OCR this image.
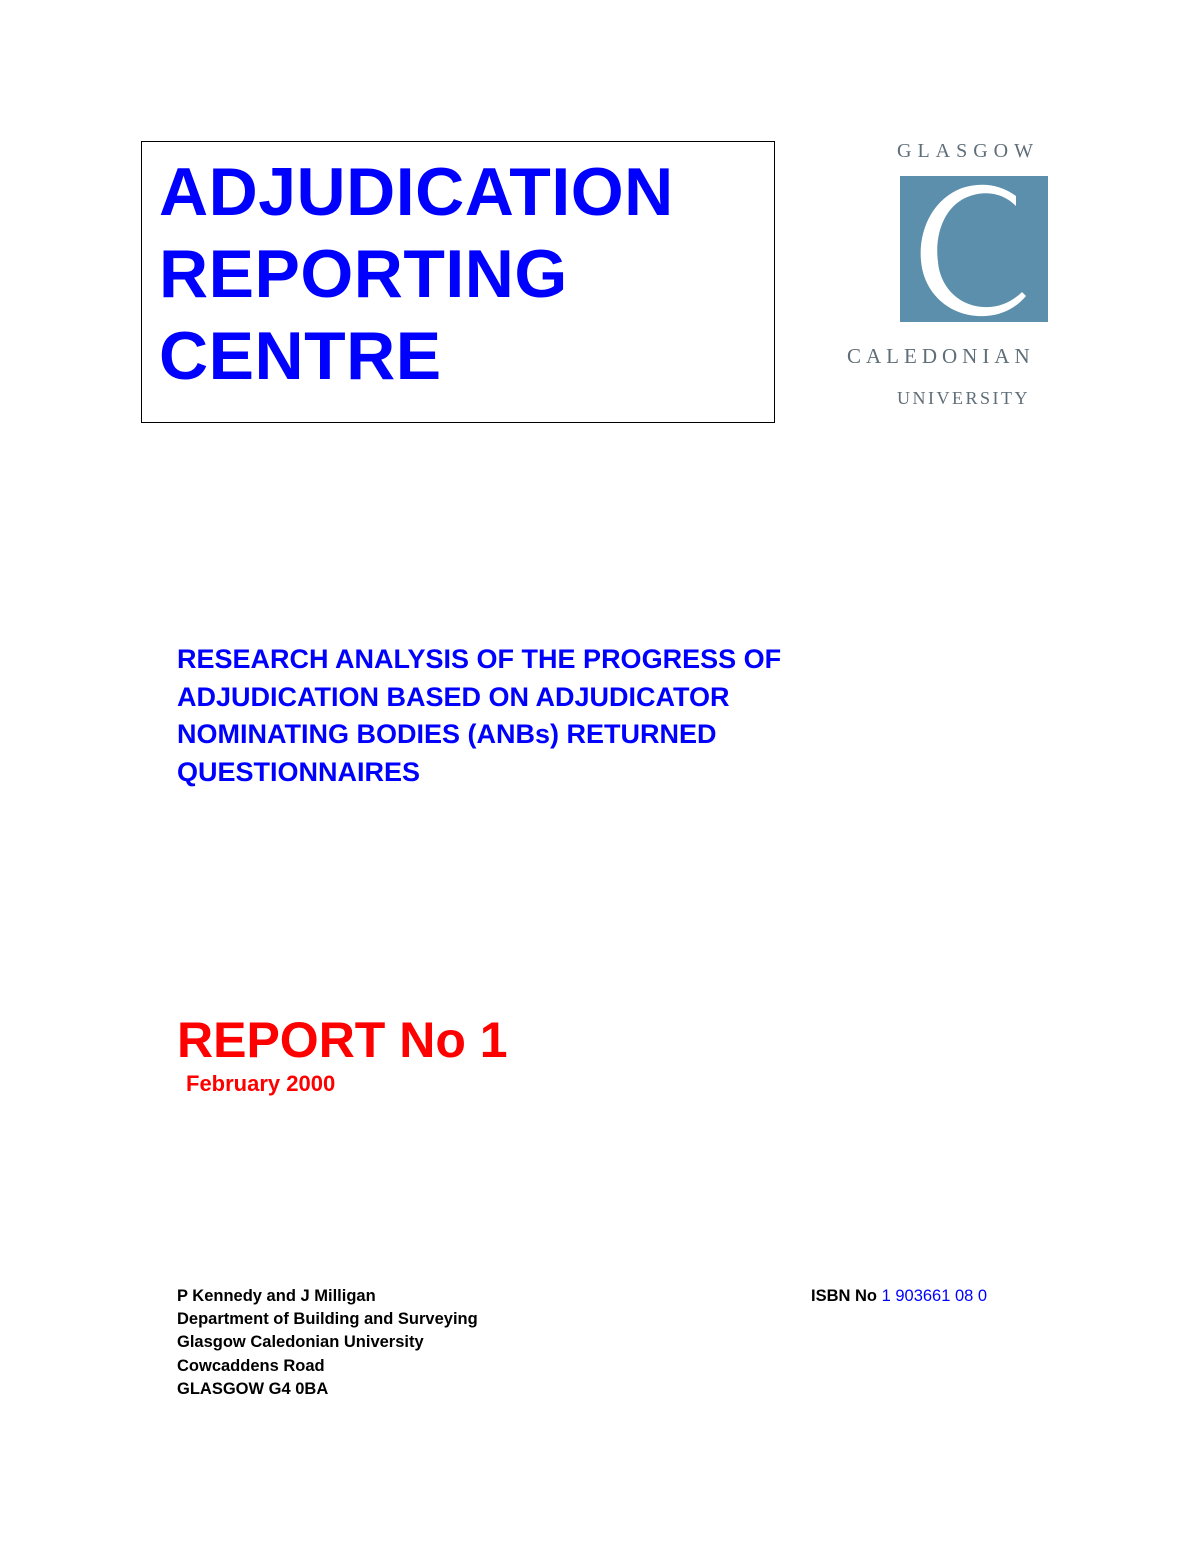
ADJUDICATION
REPORTING
CENTRE
GLASGOW
CALEDONIAN
UNIVERSITY
RESEARCH ANALYSIS OF THE PROGRESS OF
ADJUDICATION BASED ON ADJUDICATOR
NOMINATING BODIES (ANBs) RETURNED
QUESTIONNAIRES
REPORT No 1
February 2000
P Kennedy and J Milligan
Department of Building and Surveying
Glasgow Caledonian University
Cowcaddens Road
GLASGOW G4 0BA
ISBN No 1 903661 08 0
